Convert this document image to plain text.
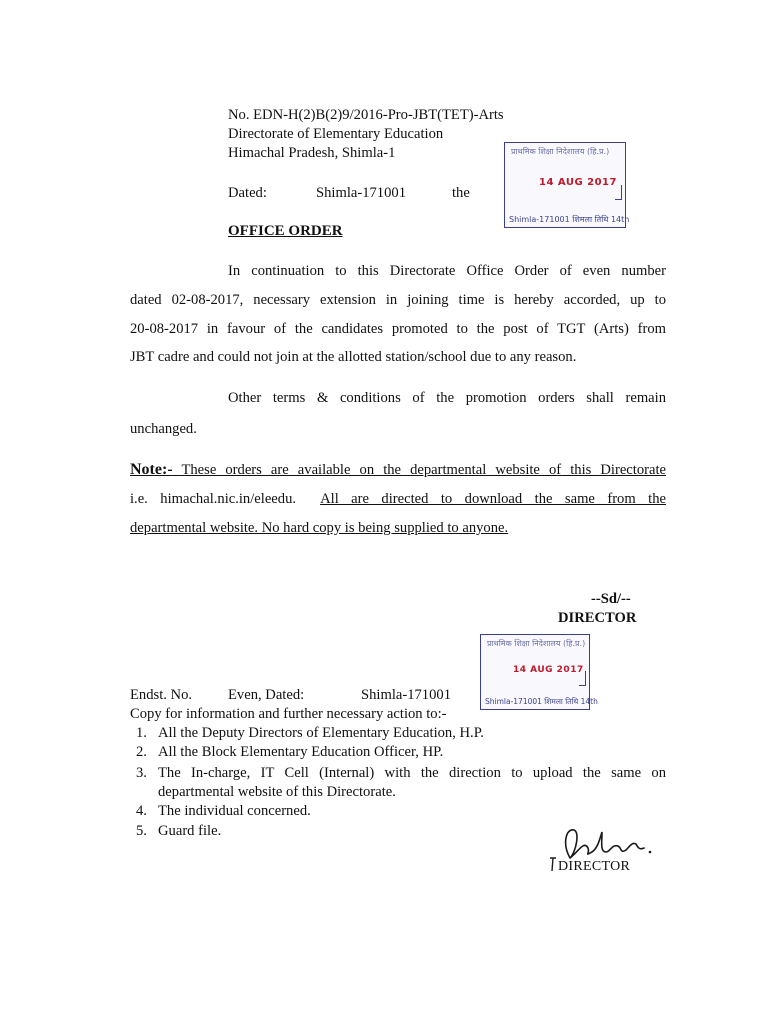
No. EDN-H(2)B(2)9/2016-Pro-JBT(TET)-Arts
Directorate of Elementary Education
Himachal Pradesh, Shimla-1
Dated:	Shimla-171001	the
प्राथमिक शिक्षा निदेशालय (हि.प्र.)
14 AUG 2017
Shimla-171001 शिमला तिथि 14th
OFFICE ORDER
In continuation to this Directorate Office Order of even number
dated 02-08-2017, necessary extension in joining time is hereby accorded, up to
20-08-2017 in favour of the candidates promoted to the post of TGT (Arts) from
JBT cadre and could not join at the allotted station/school due to any reason.
Other terms & conditions of the promotion orders shall remain
unchanged.
Note:- These orders are available on the departmental website of this Directorate
i.e. himachal.nic.in/eleedu. All are directed to download the same from the
departmental website. No hard copy is being supplied to anyone.
--Sd/--
DIRECTOR
प्राथमिक शिक्षा निदेशालय (हि.प्र.)
14 AUG 2017
Shimla-171001 शिमला तिथि 14th
Endst. No. Even, Dated:	Shimla-171001
Copy for information and further necessary action to:-
1. All the Deputy Directors of Elementary Education, H.P.
2. All the Block Elementary Education Officer, HP.
3. The In-charge, IT Cell (Internal) with the direction to upload the same on
departmental website of this Directorate.
4. The individual concerned.
5. Guard file.
DIRECTOR
